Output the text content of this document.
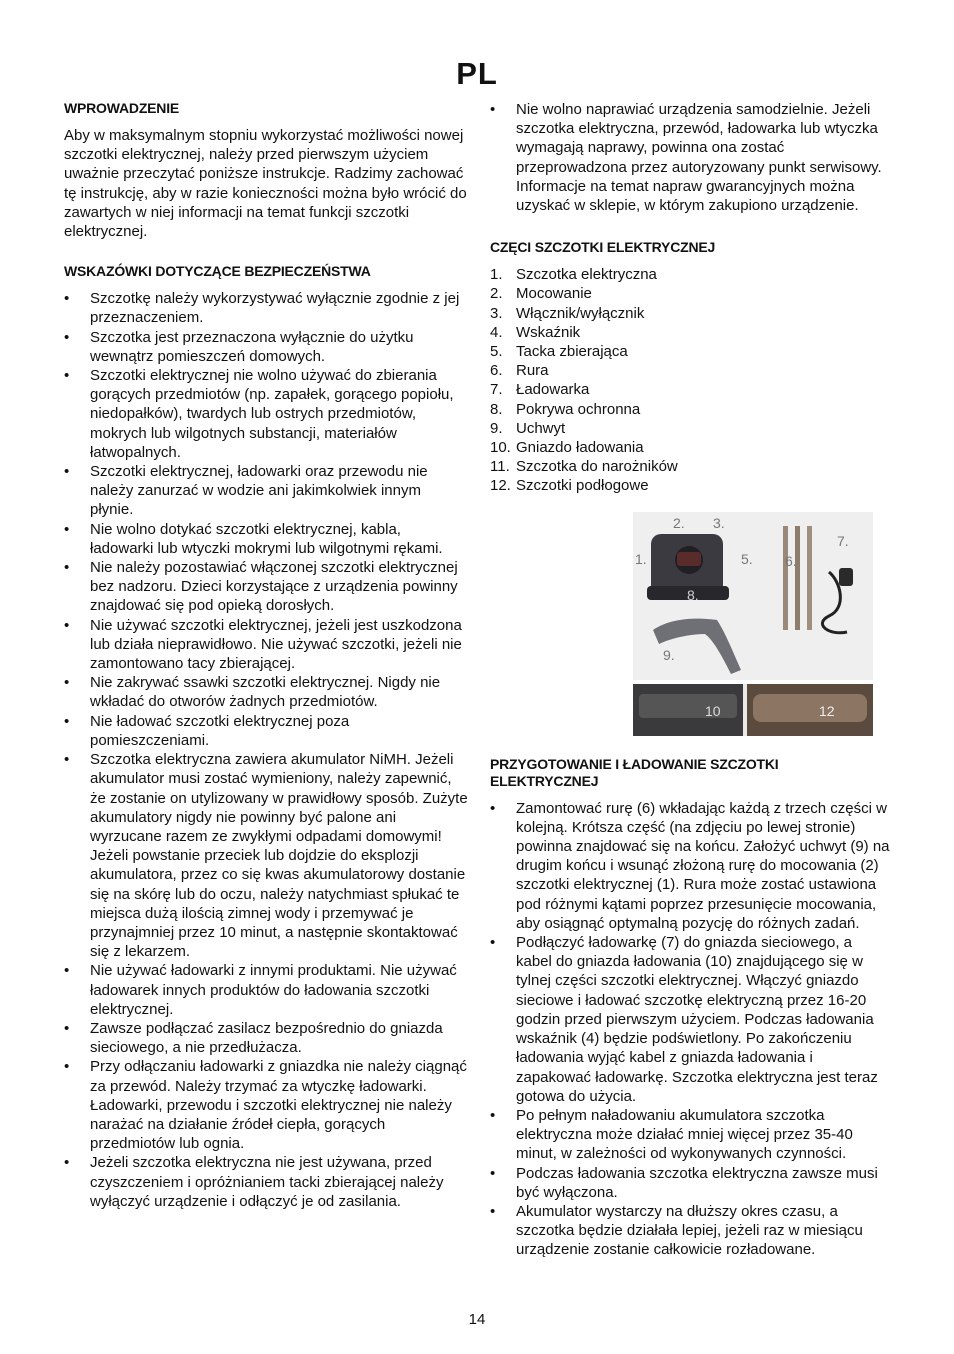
PL
WPROWADZENIE

Aby w maksymalnym stopniu wykorzystać możliwości nowej szczotki elektrycznej, należy przed pierwszym użyciem uważnie przeczytać poniższe instrukcje. Radzimy zachować tę instrukcję, aby w razie konieczności można było wrócić do zawartych w niej informacji na temat funkcji szczotki elektrycznej.

WSKAZÓWKI DOTYCZĄCE BEZPIECZEŃSTWA
• Szczotkę należy wykorzystywać wyłącznie zgodnie z jej przeznaczeniem.
• Szczotka jest przeznaczona wyłącznie do użytku wewnątrz pomieszczeń domowych.
• Szczotki elektrycznej nie wolno używać do zbierania gorących przedmiotów (np. zapałek, gorącego popiołu, niedopałków), twardych lub ostrych przedmiotów, mokrych lub wilgotnych substancji, materiałów łatwopalnych.
• Szczotki elektrycznej, ładowarki oraz przewodu nie należy zanurzać w wodzie ani jakimkolwiek innym płynie.
• Nie wolno dotykać szczotki elektrycznej, kabla, ładowarki lub wtyczki mokrymi lub wilgotnymi rękami.
• Nie należy pozostawiać włączonej szczotki elektrycznej bez nadzoru. Dzieci korzystające z urządzenia powinny znajdować się pod opieką dorosłych.
• Nie używać szczotki elektrycznej, jeżeli jest uszkodzona lub działa nieprawidłowo. Nie używać szczotki, jeżeli nie zamontowano tacy zbierającej.
• Nie zakrywać ssawki szczotki elektrycznej. Nigdy nie wkładać do otworów żadnych przedmiotów.
• Nie ładować szczotki elektrycznej poza pomieszczeniami.
• Szczotka elektryczna zawiera akumulator NiMH. Jeżeli akumulator musi zostać wymieniony, należy zapewnić, że zostanie on utylizowany w prawidłowy sposób. Zużyte akumulatory nigdy nie powinny być palone ani wyrzucane razem ze zwykłymi odpadami domowymi! Jeżeli powstanie przeciek lub dojdzie do eksplozji akumulatora, przez co się kwas akumulatorowy dostanie się na skórę lub do oczu, należy natychmiast spłukać te miejsca dużą ilością zimnej wody i przemywać je przynajmniej przez 10 minut, a następnie skontaktować się z lekarzem.
• Nie używać ładowarki z innymi produktami. Nie używać ładowarek innych produktów do ładowania szczotki elektrycznej.
• Zawsze podłączać zasilacz bezpośrednio do gniazda sieciowego, a nie przedłużacza.
• Przy odłączaniu ładowarki z gniazdka nie należy ciągnąć za przewód. Należy trzymać za wtyczkę ładowarki. Ładowarki, przewodu i szczotki elektrycznej nie należy narażać na działanie źródeł ciepła, gorących przedmiotów lub ognia.
• Jeżeli szczotka elektryczna nie jest używana, przed czyszczeniem i opróżnianiem tacki zbierającej należy wyłączyć urządzenie i odłączyć je od zasilania.
• Nie wolno naprawiać urządzenia samodzielnie. Jeżeli szczotka elektryczna, przewód, ładowarka lub wtyczka wymagają naprawy, powinna ona zostać przeprowadzona przez autoryzowany punkt serwisowy. Informacje na temat napraw gwarancyjnych można uzyskać w sklepie, w którym zakupiono urządzenie.
CZĘCI SZCZOTKI ELEKTRYCZNEJ
1. Szczotka elektryczna
2. Mocowanie
3. Włącznik/wyłącznik
4. Wskaźnik
5. Tacka zbierająca
6. Rura
7. Ładowarka
8. Pokrywa ochronna
9. Uchwyt
10. Gniazdo ładowania
11. Szczotka do narożników
12. Szczotki podłogowe
1.
2. 3.
5. 6.
7.
8.
9.
10	12
PRZYGOTOWANIE I ŁADOWANIE SZCZOTKI ELEKTRYCZNEJ
• Zamontować rurę (6) wkładając każdą z trzech części w kolejną. Krótsza część (na zdjęciu po lewej stronie) powinna znajdować się na końcu. Założyć uchwyt (9) na drugim końcu i wsunąć złożoną rurę do mocowania (2) szczotki elektrycznej (1). Rura może zostać ustawiona pod różnymi kątami poprzez przesunięcie mocowania, aby osiągnąć optymalną pozycję do różnych zadań.
• Podłączyć ładowarkę (7) do gniazda sieciowego, a kabel do gniazda ładowania (10) znajdującego się w tylnej części szczotki elektrycznej. Włączyć gniazdo sieciowe i ładować szczotkę elektryczną przez 16-20 godzin przed pierwszym użyciem. Podczas ładowania wskaźnik (4) będzie podświetlony. Po zakończeniu ładowania wyjąć kabel z gniazda ładowania i zapakować ładowarkę. Szczotka elektryczna jest teraz gotowa do użycia.
• Po pełnym naładowaniu akumulatora szczotka elektryczna może działać mniej więcej przez 35-40 minut, w zależności od wykonywanych czynności.
• Podczas ładowania szczotka elektryczna zawsze musi być wyłączona.
• Akumulator wystarczy na dłuższy okres czasu, a szczotka będzie działała lepiej, jeżeli raz w miesiącu urządzenie zostanie całkowicie rozładowane.
14
